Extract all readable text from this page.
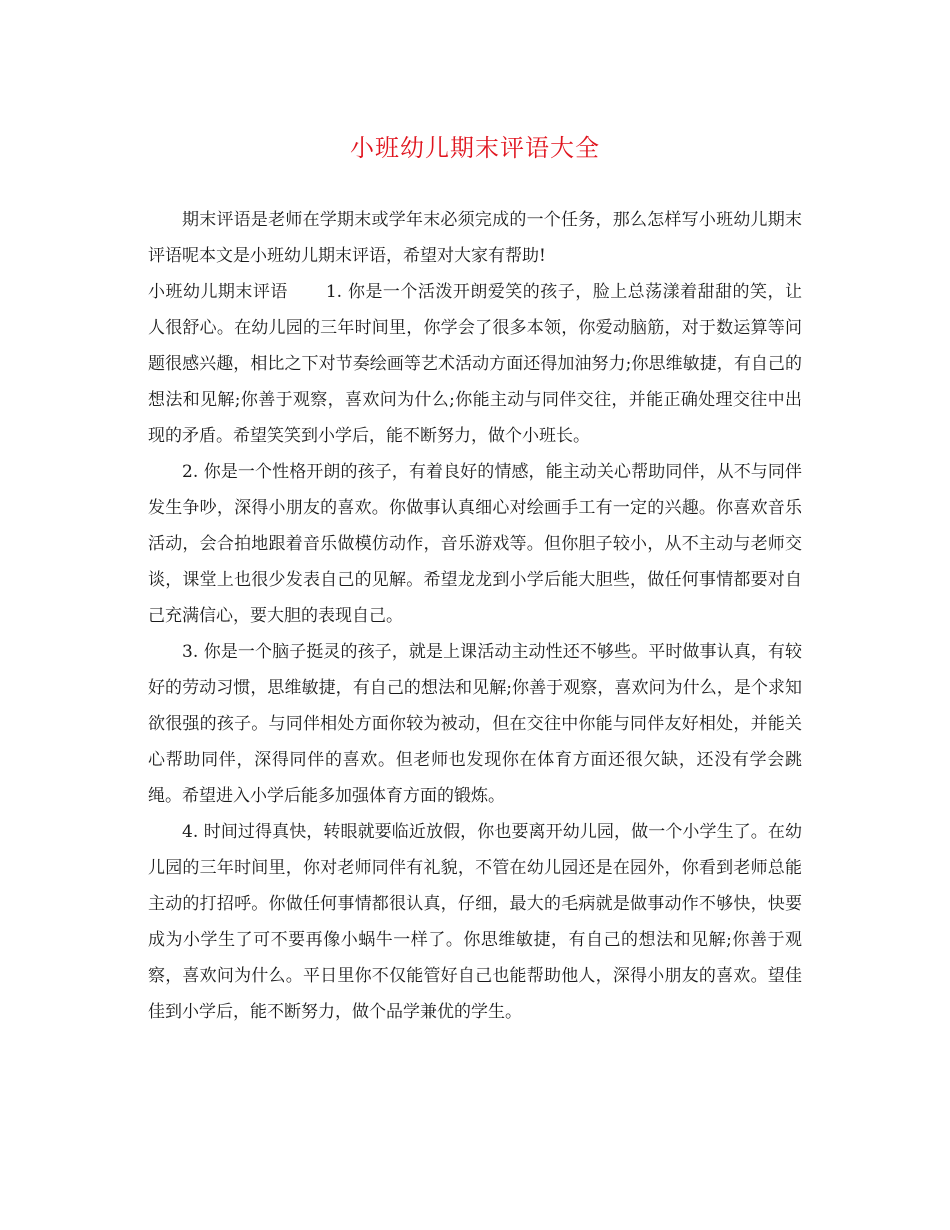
小班幼儿期末评语大全

期末评语是老师在学期末或学年末必须完成的一个任务，那么怎样写小班幼儿期末评语呢本文是小班幼儿期末评语，希望对大家有帮助!

小班幼儿期末评语 1. 你是一个活泼开朗爱笑的孩子，脸上总荡漾着甜甜的笑，让人很舒心。在幼儿园的三年时间里，你学会了很多本领，你爱动脑筋，对于数运算等问题很感兴趣，相比之下对节奏绘画等艺术活动方面还得加油努力;你思维敏捷，有自己的想法和见解;你善于观察，喜欢问为什么;你能主动与同伴交往，并能正确处理交往中出现的矛盾。希望笑笑到小学后，能不断努力，做个小班长。

2. 你是一个性格开朗的孩子，有着良好的情感，能主动关心帮助同伴，从不与同伴发生争吵，深得小朋友的喜欢。你做事认真细心对绘画手工有一定的兴趣。你喜欢音乐活动，会合拍地跟着音乐做模仿动作，音乐游戏等。但你胆子较小，从不主动与老师交谈，课堂上也很少发表自己的见解。希望龙龙到小学后能大胆些，做任何事情都要对自己充满信心，要大胆的表现自己。

3. 你是一个脑子挺灵的孩子，就是上课活动主动性还不够些。平时做事认真，有较好的劳动习惯，思维敏捷，有自己的想法和见解;你善于观察，喜欢问为什么，是个求知欲很强的孩子。与同伴相处方面你较为被动，但在交往中你能与同伴友好相处，并能关心帮助同伴，深得同伴的喜欢。但老师也发现你在体育方面还很欠缺，还没有学会跳绳。希望进入小学后能多加强体育方面的锻炼。

4. 时间过得真快，转眼就要临近放假，你也要离开幼儿园，做一个小学生了。在幼儿园的三年时间里，你对老师同伴有礼貌，不管在幼儿园还是在园外，你看到老师总能主动的打招呼。你做任何事情都很认真，仔细，最大的毛病就是做事动作不够快，快要成为小学生了可不要再像小蜗牛一样了。你思维敏捷，有自己的想法和见解;你善于观察，喜欢问为什么。平日里你不仅能管好自己也能帮助他人，深得小朋友的喜欢。望佳佳到小学后，能不断努力，做个品学兼优的学生。
